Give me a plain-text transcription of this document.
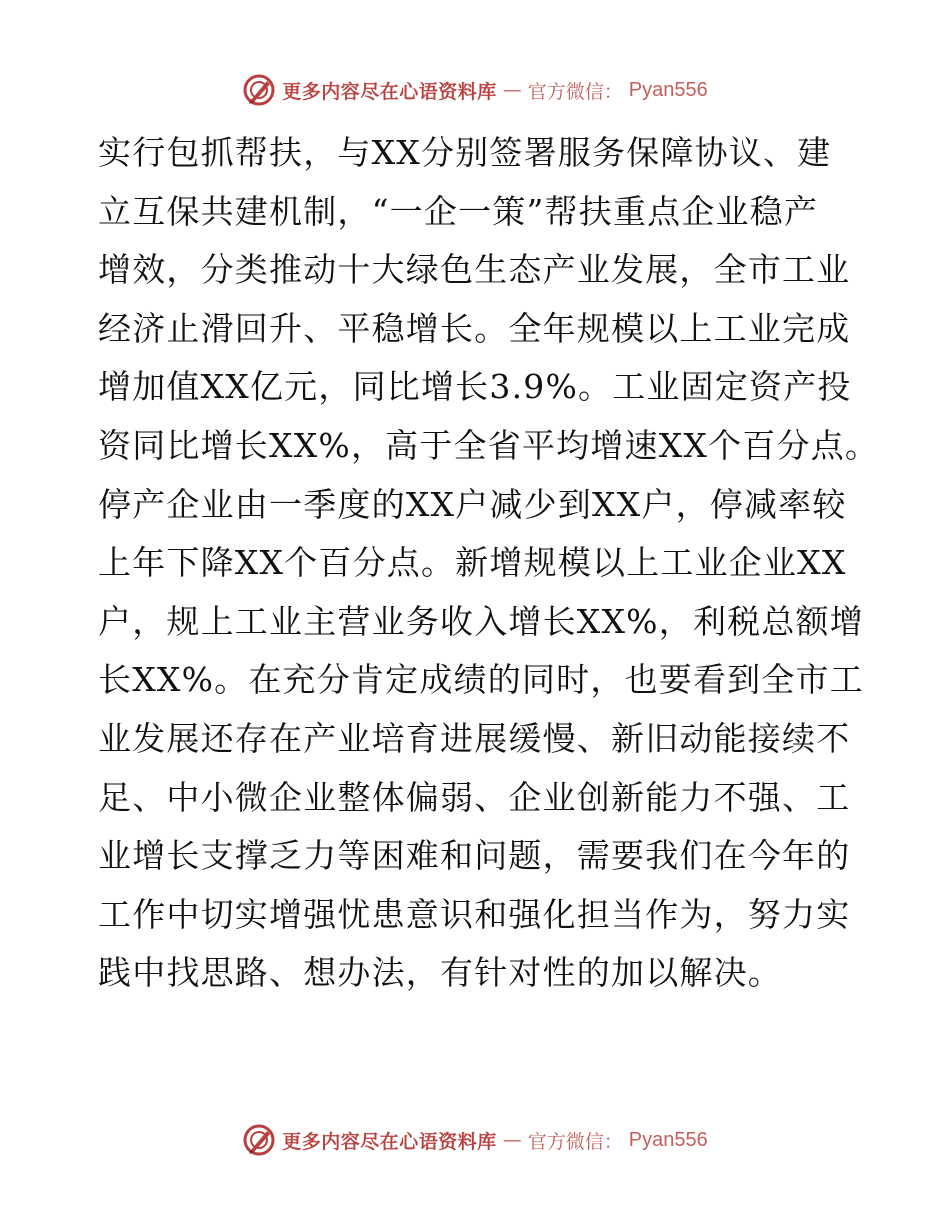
更多内容尽在心语资料库 — 官方微信： Pyan556
实行包抓帮扶，与XX分别签署服务保障协议、建
立互保共建机制，“一企一策”帮扶重点企业稳产
增效，分类推动十大绿色生态产业发展，全市工业
经济止滑回升、平稳增长。全年规模以上工业完成
增加值XX亿元，同比增长3.9%。工业固定资产投
资同比增长XX%，高于全省平均增速XX个百分点。
停产企业由一季度的XX户减少到XX户，停减率较
上年下降XX个百分点。新增规模以上工业企业XX
户，规上工业主营业务收入增长XX%，利税总额增
长XX%。在充分肯定成绩的同时，也要看到全市工
业发展还存在产业培育进展缓慢、新旧动能接续不
足、中小微企业整体偏弱、企业创新能力不强、工
业增长支撑乏力等困难和问题，需要我们在今年的
工作中切实增强忧患意识和强化担当作为，努力实
践中找思路、想办法，有针对性的加以解决。
更多内容尽在心语资料库 — 官方微信： Pyan556
